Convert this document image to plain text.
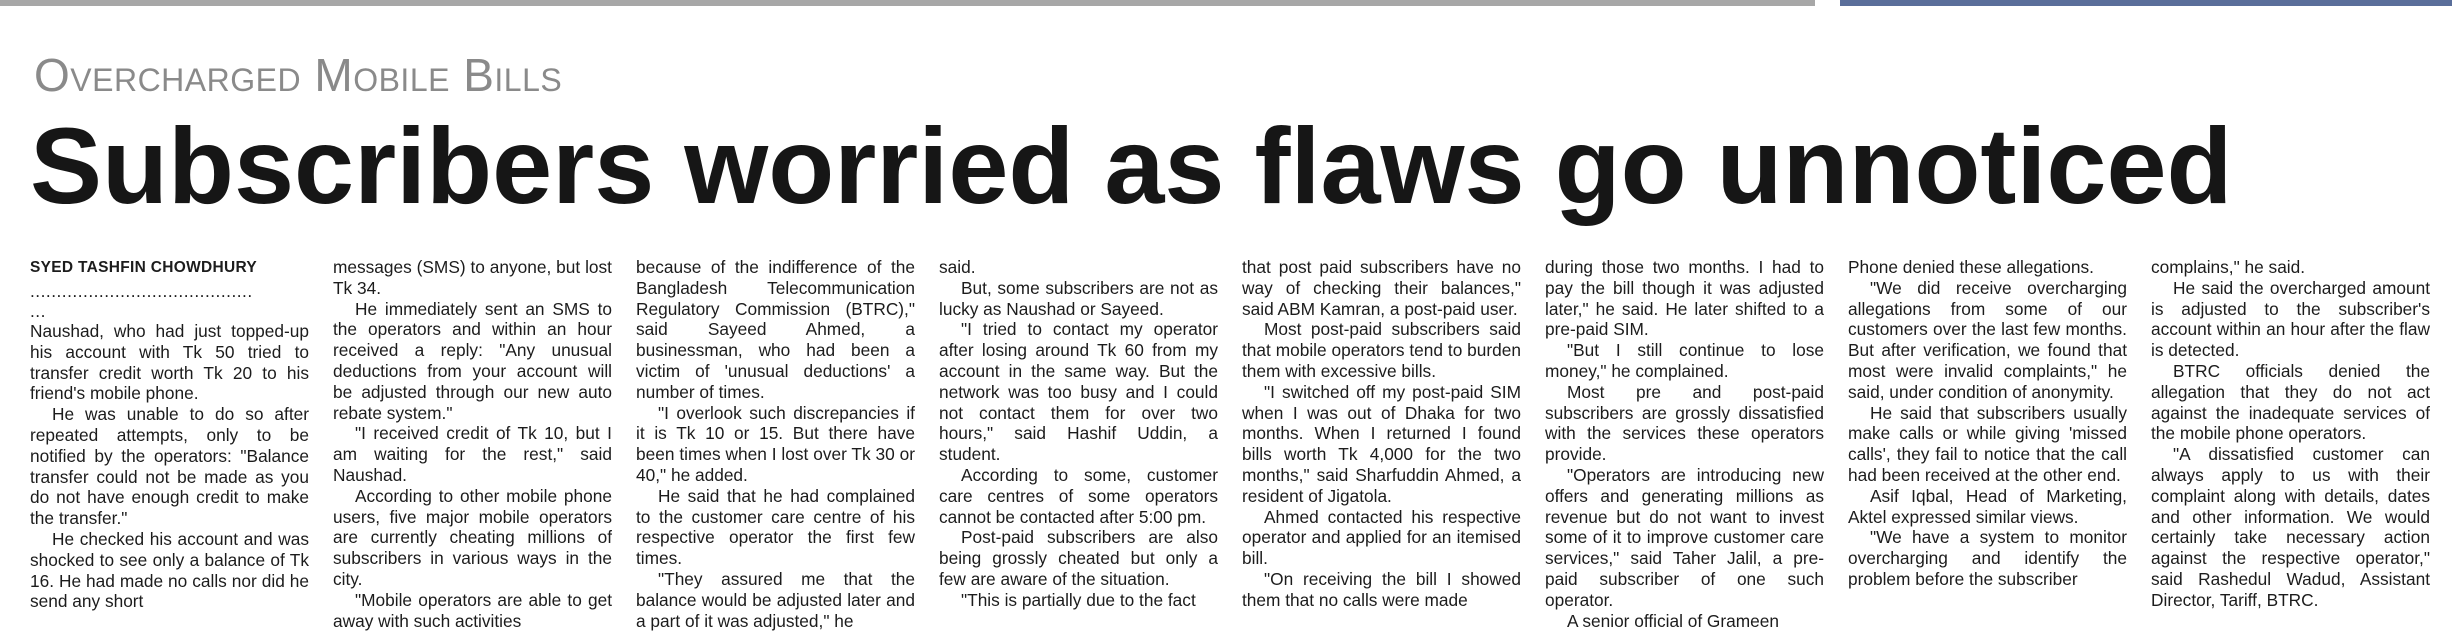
Overcharged Mobile Bills
Subscribers worried as flaws go unnoticed
SYED TASHFIN CHOWDHURY
..........................................
...

Naushad, who had just topped-up his account with Tk 50 tried to transfer credit worth Tk 20 to his friend's mobile phone.

He was unable to do so after repeated attempts, only to be notified by the operators: "Balance transfer could not be made as you do not have enough credit to make the transfer."

He checked his account and was shocked to see only a balance of Tk 16. He had made no calls nor did he send any short

messages (SMS) to anyone, but lost Tk 34.

He immediately sent an SMS to the operators and within an hour received a reply: "Any unusual deductions from your account will be adjusted through our new auto rebate system."

"I received credit of Tk 10, but I am waiting for the rest," said Naushad.

According to other mobile phone users, five major mobile operators are currently cheating millions of subscribers in various ways in the city.

"Mobile operators are able to get away with such activities

because of the indifference of the Bangladesh Telecommunication Regulatory Commission (BTRC)," said Sayeed Ahmed, a businessman, who had been a victim of 'unusual deductions' a number of times.

"I overlook such discrepancies if it is Tk 10 or 15. But there have been times when I lost over Tk 30 or 40," he added.

He said that he had complained to the customer care centre of his respective operator the first few times.

"They assured me that the balance would be adjusted later and a part of it was adjusted," he

said.

But, some subscribers are not as lucky as Naushad or Sayeed.

"I tried to contact my operator after losing around Tk 60 from my account in the same way. But the network was too busy and I could not contact them for over two hours," said Hashif Uddin, a student.

According to some, customer care centres of some operators cannot be contacted after 5:00 pm.

Post-paid subscribers are also being grossly cheated but only a few are aware of the situation.

"This is partially due to the fact

that post paid subscribers have no way of checking their balances," said ABM Kamran, a post-paid user.

Most post-paid subscribers said that mobile operators tend to burden them with excessive bills.

"I switched off my post-paid SIM when I was out of Dhaka for two months. When I returned I found bills worth Tk 4,000 for the two months," said Sharfuddin Ahmed, a resident of Jigatola.

Ahmed contacted his respective operator and applied for an itemised bill.

"On receiving the bill I showed them that no calls were made

during those two months. I had to pay the bill though it was adjusted later," he said. He later shifted to a pre-paid SIM.

"But I still continue to lose money," he complained.

Most pre and post-paid subscribers are grossly dissatisfied with the services these operators provide.

"Operators are introducing new offers and generating millions as revenue but do not want to invest some of it to improve customer care services," said Taher Jalil, a pre-paid subscriber of one such operator.

A senior official of Grameen

Phone denied these allegations.

"We did receive overcharging allegations from some of our customers over the last few months. But after verification, we found that most were invalid complaints," he said, under condition of anonymity.

He said that subscribers usually make calls or while giving 'missed calls', they fail to notice that the call had been received at the other end.

Asif Iqbal, Head of Marketing, Aktel expressed similar views.

"We have a system to monitor overcharging and identify the problem before the subscriber

complains," he said.

He said the overcharged amount is adjusted to the subscriber's account within an hour after the flaw is detected.

BTRC officials denied the allegation that they do not act against the inadequate services of the mobile phone operators.

"A dissatisfied customer can always apply to us with their complaint along with details, dates and other information. We would certainly take necessary action against the respective operator," said Rashedul Wadud, Assistant Director, Tariff, BTRC.
